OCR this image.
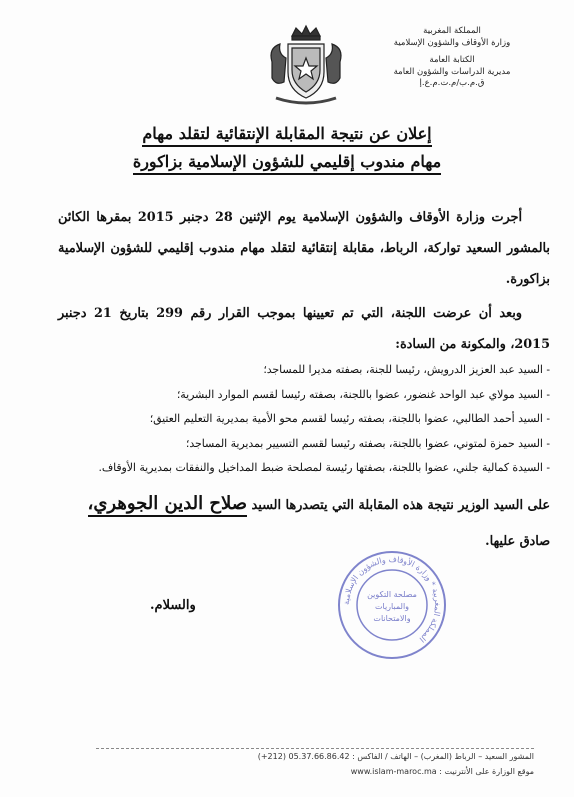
المملكة المغربية
وزارة الأوقاف والشؤون الإسلامية
الكتابة العامة
مديرية الدراسات والشؤون العامة
ق.م.ب/م.ت.م.ع.إ
إعلان عن نتيجة المقابلة الإنتقائية لتقلد مهام
مهام مندوب إقليمي للشؤون الإسلامية بزاكورة
أجرت وزارة الأوقاف والشؤون الإسلامية يوم الإثنين 28 دجنبر 2015 بمقرها الكائن بالمشور السعيد تواركة، الرباط، مقابلة إنتقائية لتقلد مهام مندوب إقليمي للشؤون الإسلامية بزاكورة.
وبعد أن عرضت اللجنة، التي تم تعيينها بموجب القرار رقم 299 بتاريخ 21 دجنبر 2015، والمكونة من السادة:
- السيد عبد العزيز الدرويش، رئيسا للجنة، بصفته مديرا للمساجد؛
- السيد مولاي عبد الواحد غنضور، عضوا باللجنة، بصفته رئيسا لقسم الموارد البشرية؛
- السيد أحمد الطالبي، عضوا باللجنة، بصفته رئيسا لقسم محو الأمية بمديرية التعليم العتيق؛
- السيد حمزة لمتوني، عضوا باللجنة، بصفته رئيسا لقسم التسيير بمديرية المساجد؛
- السيدة كمالية جلني، عضوا باللجنة، بصفتها رئيسة لمصلحة ضبط المداخيل والنفقات بمديرية الأوقاف.
على السيد الوزير نتيجة هذه المقابلة التي يتصدرها السيد صلاح الدين الجوهري،
صادق عليها.
والسلام.	المملكة المغربية * وزارة الأوقاف والشؤون الإسلامية
مصلحة التكوين
والمباريات
والامتحانات
المشور السعيد – الرباط (المغرب) – الهاتف / الفاكس : 05.37.66.86.42 (212+)
موقع الوزارة على الأنترنيت : www.islam-maroc.ma
